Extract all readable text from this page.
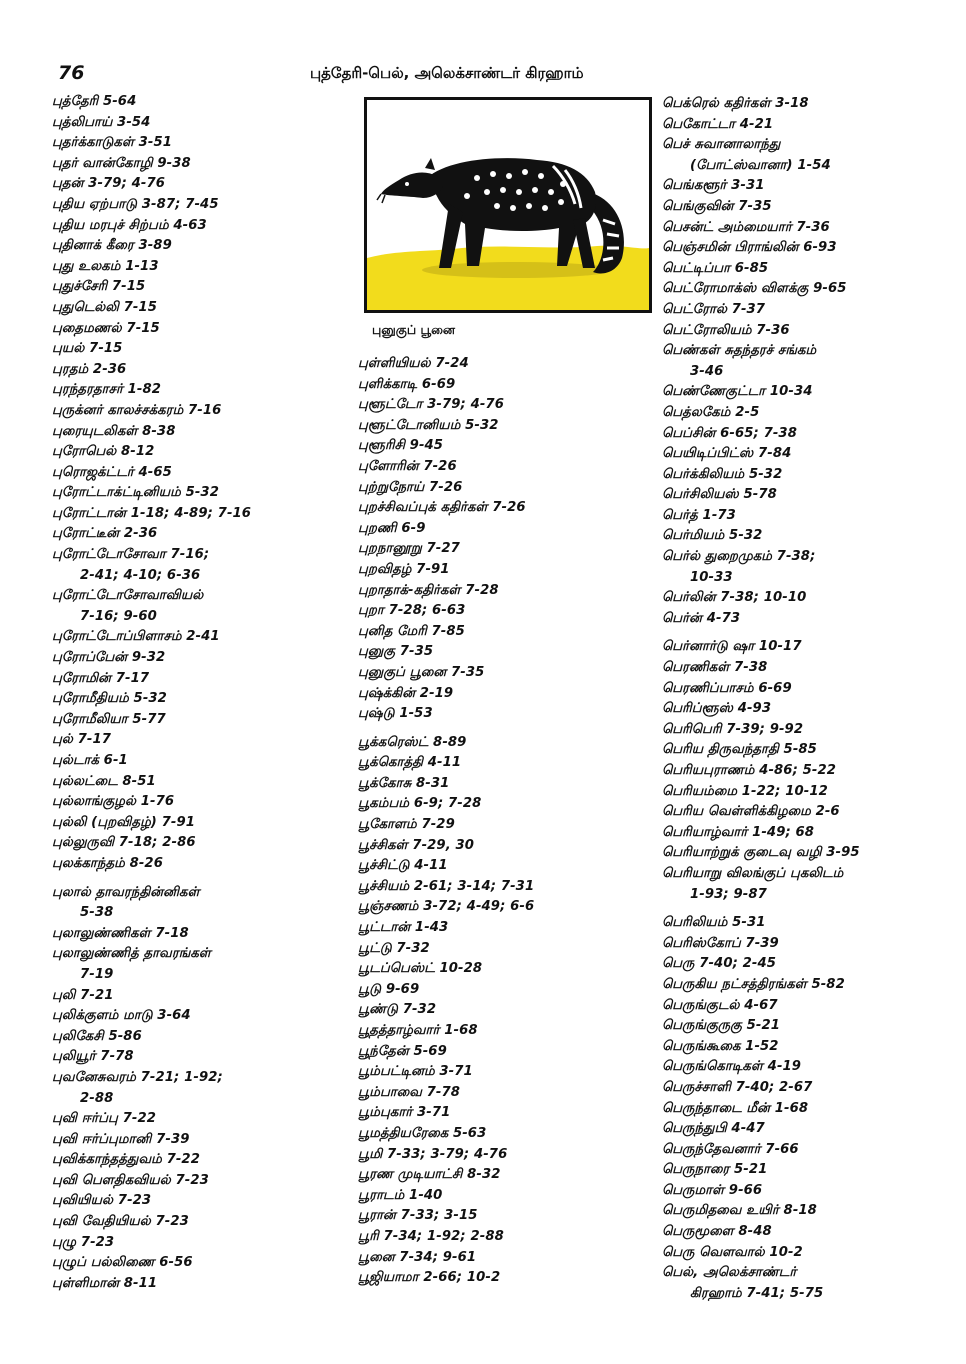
76	புத்தேரி-பெல், அலெக்சாண்டர் கிரஹாம்
புத்தேரி 5-64
புத்லிபாய் 3-54
புதர்க்காடுகள் 3-51
புதர் வான்கோழி 9-38
புதன் 3-79; 4-76
புதிய ஏற்பாடு 3-87; 7-45
புதிய மரபுச் சிற்பம் 4-63
புதினாக் கீரை 3-89
புது உலகம் 1-13
புதுச்சேரி 7-15
புதுடெல்லி 7-15
புதைமணல் 7-15
புயல் 7-15
புரதம் 2-36
புரந்தரதாசர் 1-82
புருக்னர் காலச்சக்கரம் 7-16
புரையுடலிகள் 8-38
புரோபெல் 8-12
புரொஜக்ட்டர் 4-65
புரோட்டாக்ட்டினியம் 5-32
புரோட்டான் 1-18; 4-89; 7-16
புரோட்டீன் 2-36
புரோட்டோசோவா 7-16;
2-41; 4-10; 6-36
புரோட்டோசோவாவியல்
7-16; 9-60
புரோட்டோப்பிளாசம் 2-41
புரோப்பேன் 9-32
புரோமின் 7-17
புரோமீதியம் 5-32
புரோமீலியா 5-77
புல் 7-17
புல்டாக் 6-1
புல்லட்டை 8-51
புல்லாங்குழல் 1-76
புல்லி (புறவிதழ்) 7-91
புல்லுருவி 7-18; 2-86
புலக்காந்தம் 8-26
புலால் தாவரந்தின்னிகள்
5-38
புலாலுண்ணிகள் 7-18
புலாலுண்ணித் தாவரங்கள்
7-19
புலி 7-21
புலிக்குளம் மாடு 3-64
புலிகேசி 5-86
புலியூர் 7-78
புவனேசுவரம் 7-21; 1-92;
2-88
புவி ஈர்ப்பு 7-22
புவி ஈர்ப்புமானி 7-39
புவிக்காந்தத்துவம் 7-22
புவி பௌதிகவியல் 7-23
புவியியல் 7-23
புவி வேதியியல் 7-23
புழு 7-23
புழுப் பல்லிணை 6-56
புள்ளிமான் 8-11
புனுகுப் பூனை
புள்ளியியல் 7-24
புளிக்காடி 6-69
புளூட்டோ 3-79; 4-76
புளூட்டோனியம் 5-32
புளூரிசி 9-45
புளோரின் 7-26
புற்றுநோய் 7-26
புறச்சிவப்புக் கதிர்கள் 7-26
புறணி 6-9
புறநானூறு 7-27
புறவிதழ் 7-91
புறாதாக்-கதிர்கள் 7-28
புறா 7-28; 6-63
புனித மேரி 7-85
புனுகு 7-35
புனுகுப் பூனை 7-35
புஷ்க்கின் 2-19
புஷ்டு 1-53
பூக்கரெஸ்ட் 8-89
பூக்கொத்தி 4-11
பூக்கோசு 8-31
பூகம்பம் 6-9; 7-28
பூகோளம் 7-29
பூச்சிகள் 7-29, 30
பூச்சிட்டு 4-11
பூச்சியம் 2-61; 3-14; 7-31
பூஞ்சணம் 3-72; 4-49; 6-6
பூட்டான் 1-43
பூட்டு 7-32
பூடப்பெஸ்ட் 10-28
பூடு 9-69
பூண்டு 7-32
பூதத்தாழ்வார் 1-68
பூந்தேன் 5-69
பூம்பட்டினம் 3-71
பூம்பாவை 7-78
பூம்புகார் 3-71
பூமத்தியரேகை 5-63
பூமி 7-33; 3-79; 4-76
பூரண முடியாட்சி 8-32
பூராடம் 1-40
பூரான் 7-33; 3-15
பூரி 7-34; 1-92; 2-88
பூனை 7-34; 9-61
பூஜியாமா 2-66; 10-2
பெக்ரெல் கதிர்கள் 3-18
பெகோட்டா 4-21
பெச் சுவானாலாந்து
(போட்ஸ்வானா) 1-54
பெங்களூர் 3-31
பெங்குவின் 7-35
பெசன்ட் அம்மையார் 7-36
பெஞ்சமின் பிராங்லின் 6-93
பெட்டிப்பா 6-85
பெட்ரோமாக்ஸ் விளக்கு 9-65
பெட்ரோல் 7-37
பெட்ரோலியம் 7-36
பெண்கள் சுதந்தரச் சங்கம்
3-46
பெண்ணேகுட்டா 10-34
பெத்லகேம் 2-5
பெப்சின் 6-65; 7-38
பெயிடிப்பிட்ஸ் 7-84
பெர்க்கிலியம் 5-32
பெர்சிலியஸ் 5-78
பெர்த் 1-73
பெர்மியம் 5-32
பெர்ல் துறைமுகம் 7-38;
10-33
பெர்லின் 7-38; 10-10
பெர்ன் 4-73
பெர்னார்டு ஷா 10-17
பெரணிகள் 7-38
பெரணிப்பாசம் 6-69
பெரிப்ளூஸ் 4-93
பெரிபெரி 7-39; 9-92
பெரிய திருவந்தாதி 5-85
பெரியபுராணம் 4-86; 5-22
பெரியம்மை 1-22; 10-12
பெரிய வெள்ளிக்கிழமை 2-6
பெரியாழ்வார் 1-49; 68
பெரியாற்றுக் குடைவு வழி 3-95
பெரியாறு விலங்குப் புகலிடம்
1-93; 9-87
பெரிலியம் 5-31
பெரிஸ்கோப் 7-39
பெரு 7-40; 2-45
பெருகிய நட்சத்திரங்கள் 5-82
பெருங்குடல் 4-67
பெருங்குருகு 5-21
பெருங்கூகை 1-52
பெருங்கொடிகள் 4-19
பெருச்சாளி 7-40; 2-67
பெருந்தாடை மீன் 1-68
பெருந்துபி 4-47
பெருந்தேவனார் 7-66
பெருநாரை 5-21
பெருமாள் 9-66
பெருமிதவை உயிர் 8-18
பெருமூளை 8-48
பெரு வௌவால் 10-2
பெல், அலெக்சாண்டர்
கிரஹாம் 7-41; 5-75
